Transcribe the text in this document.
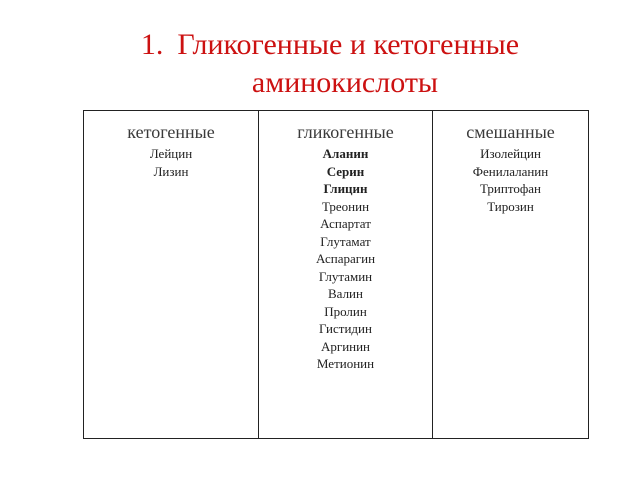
1. Гликогенные и кетогенные
аминокислоты
кетогенные
Лейцин
Лизин
гликогенные
Аланин
Серин
Глицин
Треонин
Аспартат
Глутамат
Аспарагин
Глутамин
Валин
Пролин
Гистидин
Аргинин
Метионин
смешанные
Изолейцин
Фенилаланин
Триптофан
Тирозин
